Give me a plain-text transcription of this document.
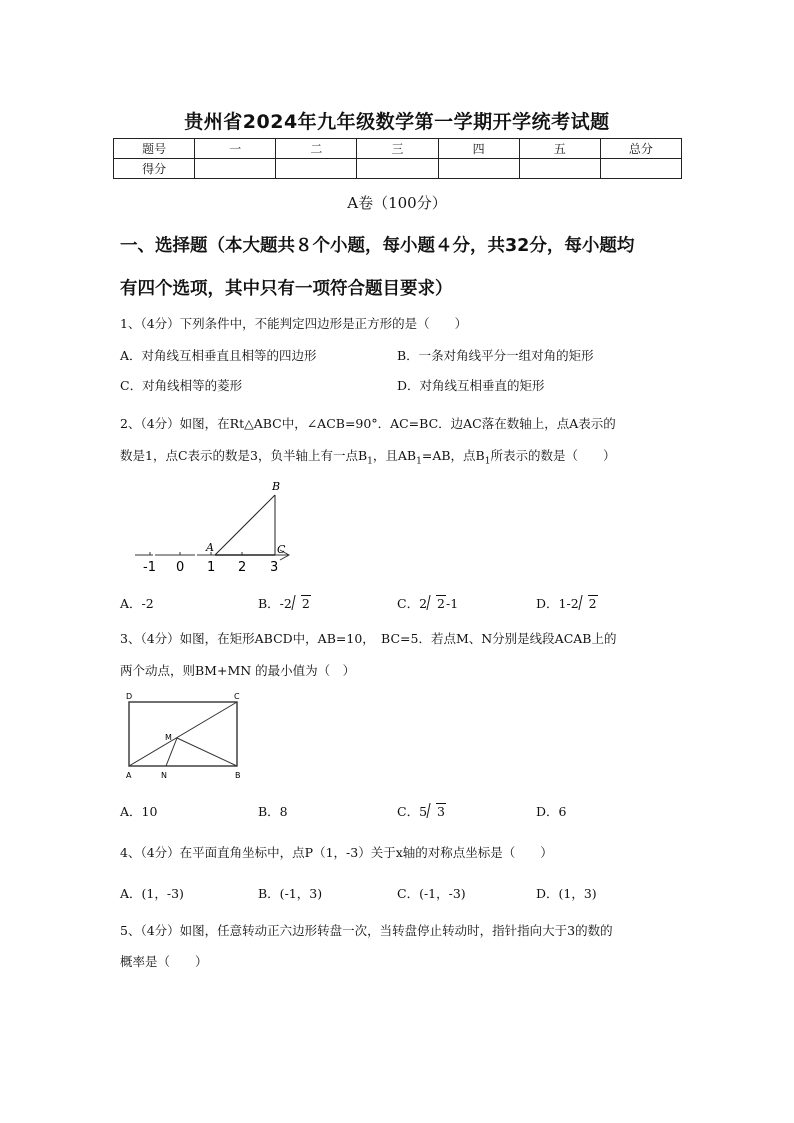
贵州省2024年九年级数学第一学期开学统考试题
题号	一	二	三	四	五	总分
得分						
A卷（100分）
一、选择题（本大题共８个小题，每小题４分，共32分，每小题均
有四个选项，其中只有一项符合题目要求）
1、（4分）下列条件中，不能判定四边形是正方形的是（　　）
A．对角线互相垂直且相等的四边形	B．一条对角线平分一组对角的矩形
C．对角线相等的菱形	D．对角线互相垂直的矩形
2、（4分）如图，在Rt△ABC中，∠ACB=90°．AC=BC．边AC落在数轴上，点A表示的
数是1，点C表示的数是3，负半轴上有一点$B_1$，且$AB_1=AB$，点$B_1$所表示的数是（　　）
-1 0 1 2 3
A
B
C
A．-2	B．-2 2	C．2 2-1	D．1-2 2
3、（4分）如图，在矩形ABCD中，AB=10，　BC=5．若点M、N分别是线段ACAB上的
两个动点，则BM+MN 的最小值为（　）
D	C
A	B
M
N
A．10	B．8	C．5 3	D．6
4、（4分）在平面直角坐标中，点P（1，-3）关于x轴的对称点坐标是（　　）
A．(1，-3)	B．(-1，3)	C．(-1，-3)	D．(1，3)
5、（4分）如图，任意转动正六边形转盘一次，当转盘停止转动时，指针指向大于3的数的
概率是（　　）
